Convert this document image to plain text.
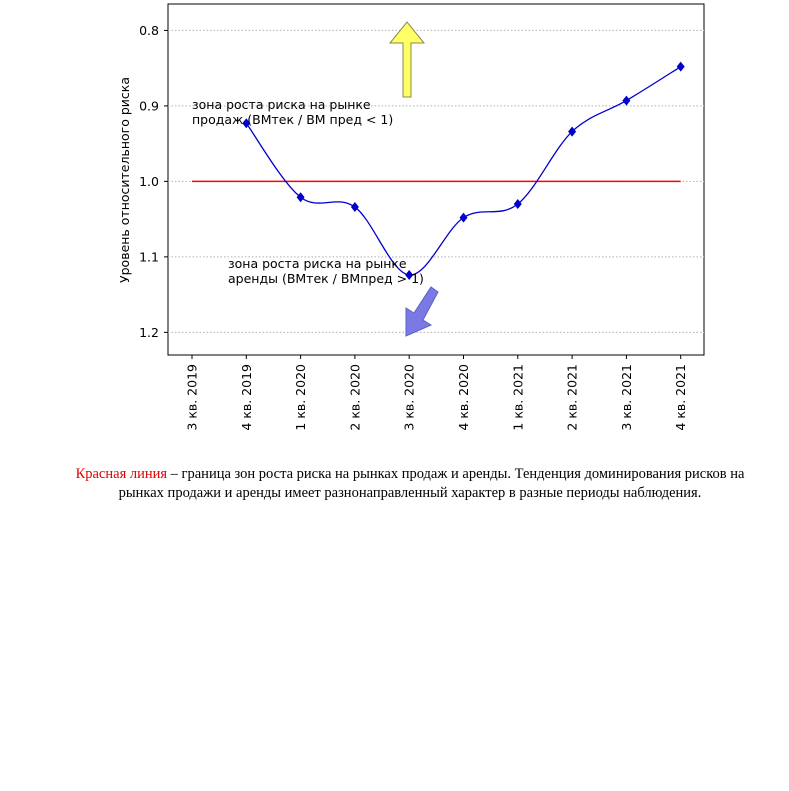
0.8
0.9
1.0
1.1
1.2
3 кв. 2019	4 кв. 2019	1 кв. 2020	2 кв. 2020	3 кв. 2020	4 кв. 2020	1 кв. 2021	2 кв. 2021	3 кв. 2021	4 кв. 2021
Уровень относительного риска	зона роста риска на рынке
продаж (ВМтек / ВМ пред < 1)
зона роста риска на рынке
аренды (ВМтек / ВМпред > 1)
Красная линия – граница зон роста риска на рынках продаж и аренды. Тенденция доминирования рисков на рынках продажи и аренды имеет разнонаправленный характер в разные периоды наблюдения.
